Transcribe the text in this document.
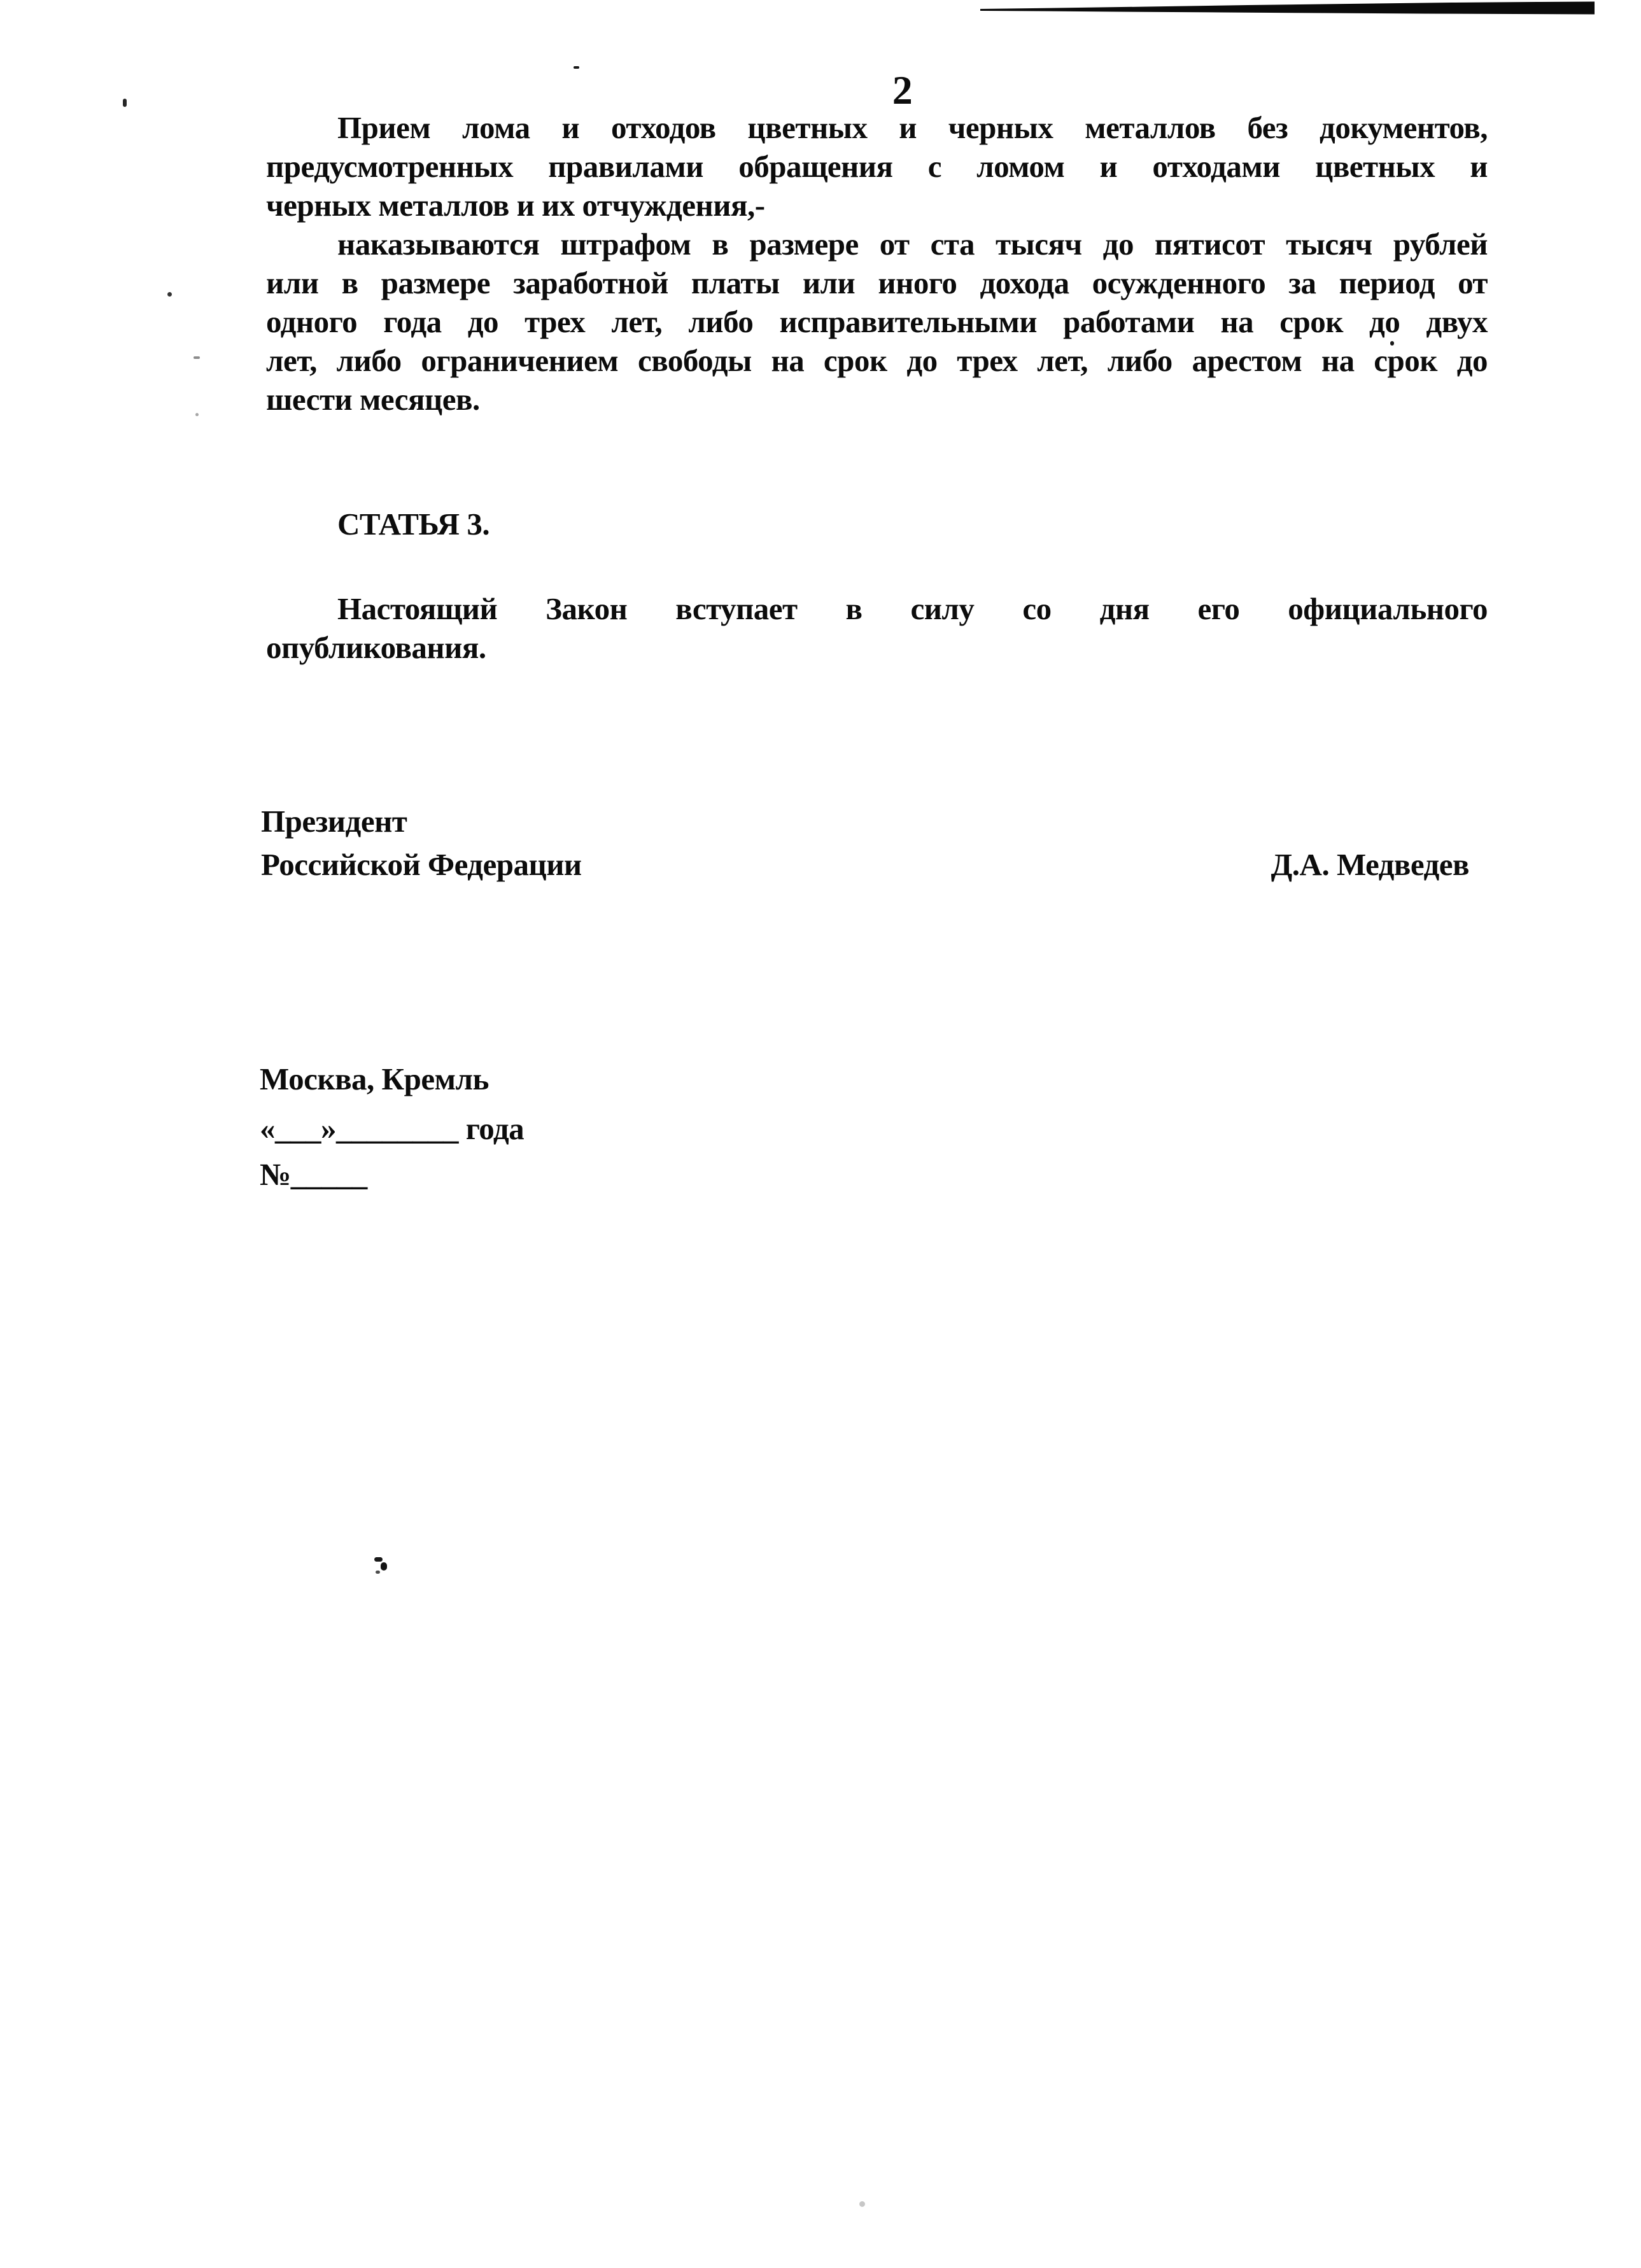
2
Прием лома и отходов цветных и черных металлов без документов,
предусмотренных правилами обращения с ломом и отходами цветных и
черных металлов и их отчуждения,-
наказываются штрафом в размере от ста тысяч до пятисот тысяч рублей
или в размере заработной платы или иного дохода осужденного за период от
одного года до трех лет, либо исправительными работами на срок до двух
лет, либо ограничением свободы на срок до трех лет, либо арестом на срок до
шести месяцев.
СТАТЬЯ 3.
Настоящий Закон вступает в силу со дня его официального
опубликования.
Президент
Российской Федерации	Д.А. Медведев
Москва, Кремль
«___»________ года
№_____
